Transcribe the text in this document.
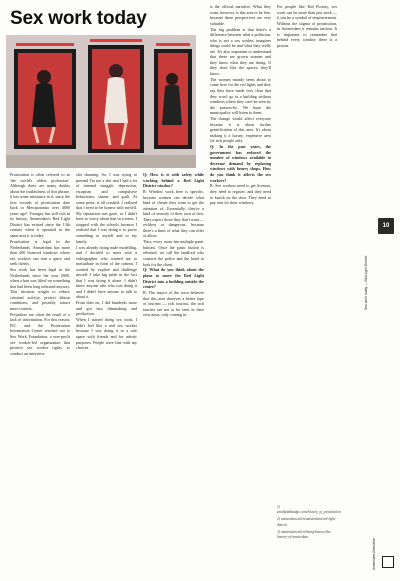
Sex work today

Prostitution is often referred to as 'the world's oldest profession'. Although there are many doubts about the truthfulness of this phrase, it has some substance in it, since the first records of prostitution date back to Mesopotamia over 4000 years ago¹. Younger, but still rich in its history, Amsterdam's Red Light District has existed since the 13th century when it operated in the same area it is today.

Prostitution is legal in the Netherlands. Amsterdam has more than 400 licenced windows where sex workers can rent a space and seek clients.

Sex work has been legal in the Netherlands since the year 2000, when a ban was lifted on something that had been long tolerated anyway. This decision sought to reduce criminal activity, protect labour conditions, and possibly attract more tourists.

Prejudices are often the result of a lack of information. For this reason, PIC and the Prostitution Information Center reached out to Sex Work Foundation, a non-profit sex worker-led organisation that protects sex worker rights, to conduct an interview.

slot shaming. So, I was trying to pretend I'm not a slut and I had a lot of internal struggle, depression, escapism and compulsive behaviours, shame, and guilt. At some point, it all crashed. I realised that I need to be honest with myself. My reputation was gone, so I didn't have to worry about that in a sense. I stopped with the schools because I realised that I was doing it to prove something to myself and to my family.

I was already doing nude modelling, and I decided to meet with a videographer who wanted me to masturbate in front of the camera. I worked by explore and challenge myself. I take big pride in the fact that I was doing it alone. I didn't know anyone else who was doing it and I didn't have anyone to talk to about it.

From then on, I did hundreds more and got into filmmaking and production.

When I started doing sex work, I didn't feel like a real sex worker because I was doing it in a safe space with friends and for artistic purposes. People were fine with my choices.

Q: How is it with safety while working behind a Red Light District window?

R: Window work here is specific, because women can decide what kind of clients they want to get the attention of. Essentially, they're a kind of security of their own at first. They expect those they don't want — reckless or dangerous, because there's a limit of what they can offer or allow.

They, every room has multiple panic buttons. Once the panic button is released, we call the landlord who contacts the police and the hotel to look for the client.

Q: What do you think about the plans to move the Red Light District into a building outside the centre?

R: The mayor of the town believes that this area deserves a better type of tourism — rich tourists, the rich tourists are not to be seen in their own areas, only coming in.

is the official narrative. What they want, however, is this area to be free, because these perspectives are very valuable.

The big problem is that there's a difference between what a politician, who is not a sex worker, imagines things could be and what they really are. It's also important to understand that these are grown women and they know what they are doing. If they don't like the spaces, they'll know.

The women mainly seem about to come here for the red lights and they say they have made very clear that they won't go to a building without windows where they can't be seen by the passers-by. We hope the municipality will listen to them.

The change would affect everyone because it is about further gentrification of this area. It's about making it a luxury, expensive area for rich people only.

Q: In the past years, the government has reduced the number of windows available to decrease demand by replacing windows with luxury shops. How do you think it affects the sex workers?

R: Sex workers need to get licenses, they need to register, and they need to knock on the door. They need to pay rent for their windows.

For people like Kid Portray, sex work can be more than just work — it can be a symbol of empowerment. Without the stigma of prostitution, in Amsterdam it remains unclear. It is important to remember that behind every window there is a person.

1) smallpinkbadge.com/history_of_prostitution

2) amsterdam.nl/en/amsterdam/red-light-district

3) amsterdam.nl/en/living/history/the-history-of-amsterdam

Sex work today — Red Light District
10
Amsterdam Alternative
